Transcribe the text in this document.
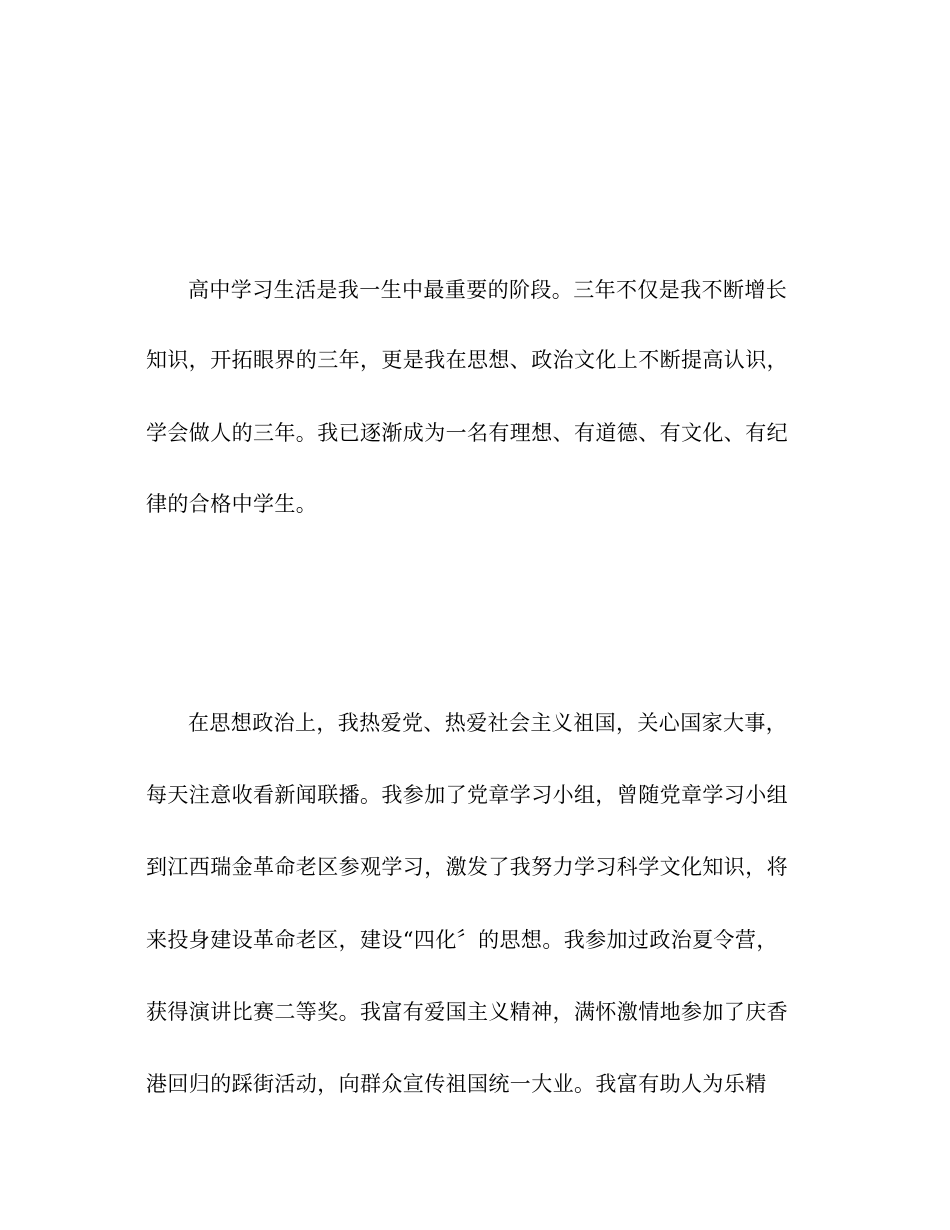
高中学习生活是我一生中最重要的阶段。三年不仅是我不断增长
知识，开拓眼界的三年，更是我在思想、政治文化上不断提高认识，
学会做人的三年。我已逐渐成为一名有理想、有道德、有文化、有纪
律的合格中学生。
在思想政治上，我热爱党、热爱社会主义祖国，关心国家大事，
每天注意收看新闻联播。我参加了党章学习小组，曾随党章学习小组
到江西瑞金革命老区参观学习，激发了我努力学习科学文化知识，将
来投身建设革命老区，建设“四化〞的思想。我参加过政治夏令营，
获得演讲比赛二等奖。我富有爱国主义精神，满怀激情地参加了庆香
港回归的踩街活动，向群众宣传祖国统一大业。我富有助人为乐精
